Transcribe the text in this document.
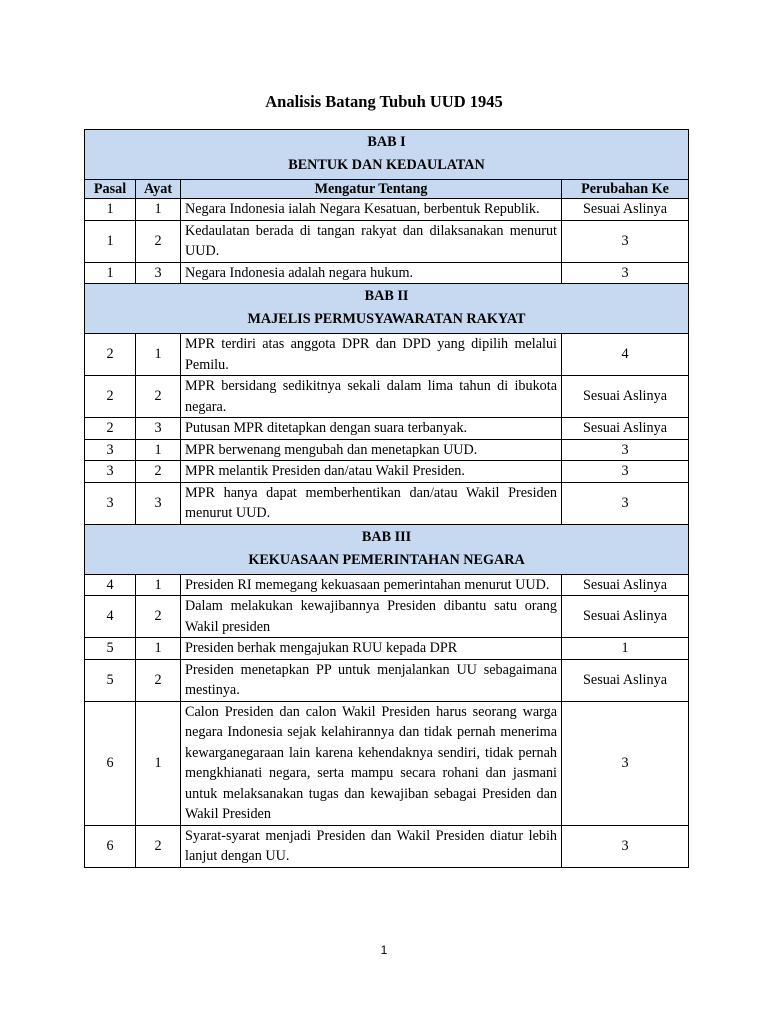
Analisis Batang Tubuh UUD 1945
BAB I
BENTUK DAN KEDAULATAN			

Pasal	Ayat	Mengatur Tentang	Perubahan Ke
1	1	Negara Indonesia ialah Negara Kesatuan, berbentuk Republik.	Sesuai Aslinya
1	2	Kedaulatan berada di tangan rakyat dan dilaksanakan menurut UUD.	3
1	3	Negara Indonesia adalah negara hukum.	3

BAB II
MAJELIS PERMUSYAWARATAN RAKYAT			

2	1	MPR terdiri atas anggota DPR dan DPD yang dipilih melalui Pemilu.	4
2	2	MPR bersidang sedikitnya sekali dalam lima tahun di ibukota negara.	Sesuai Aslinya
2	3	Putusan MPR ditetapkan dengan suara terbanyak.	Sesuai Aslinya
3	1	MPR berwenang mengubah dan menetapkan UUD.	3
3	2	MPR melantik Presiden dan/atau Wakil Presiden.	3
3	3	MPR hanya dapat memberhentikan dan/atau Wakil Presiden menurut UUD.	3

BAB III
KEKUASAAN PEMERINTAHAN NEGARA			

4	1	Presiden RI memegang kekuasaan pemerintahan menurut UUD.	Sesuai Aslinya
4	2	Dalam melakukan kewajibannya Presiden dibantu satu orang Wakil presiden	Sesuai Aslinya
5	1	Presiden berhak mengajukan RUU kepada DPR	1
5	2	Presiden menetapkan PP untuk menjalankan UU sebagaimana mestinya.	Sesuai Aslinya
6	1	Calon Presiden dan calon Wakil Presiden harus seorang warga negara Indonesia sejak kelahirannya dan tidak pernah menerima kewarganegaraan lain karena kehendaknya sendiri, tidak pernah mengkhianati negara, serta mampu secara rohani dan jasmani untuk melaksanakan tugas dan kewajiban sebagai Presiden dan Wakil Presiden	3
6	2	Syarat-syarat menjadi Presiden dan Wakil Presiden diatur lebih lanjut dengan UU.	3
1
